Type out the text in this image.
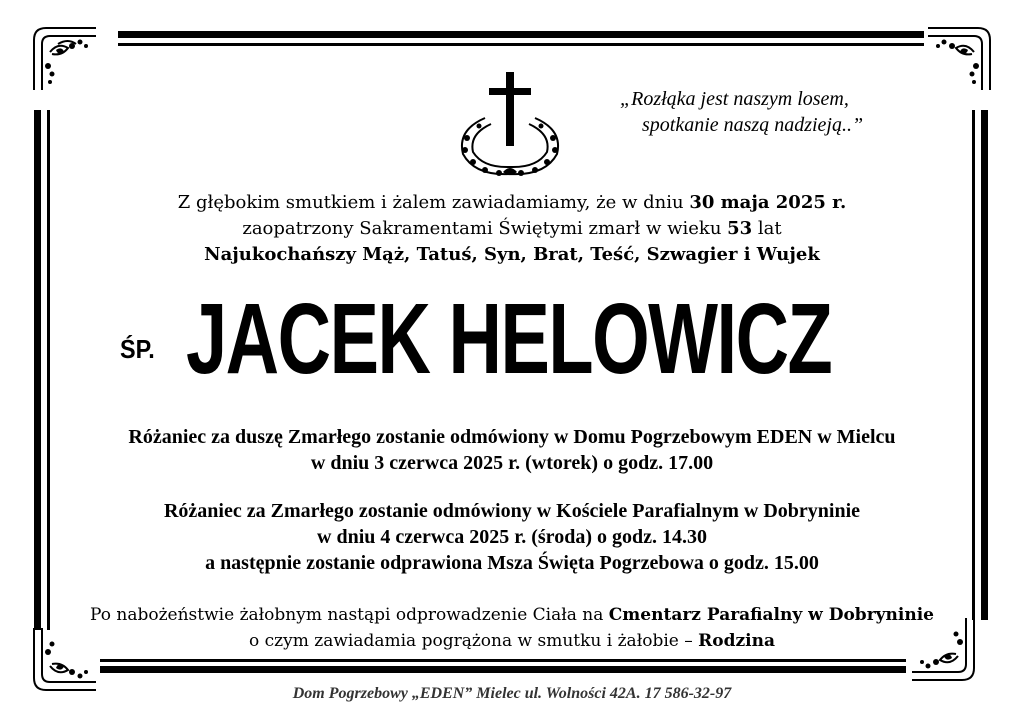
„Rozłąka jest naszym losem,
spotkanie naszą nadzieją..”
Z głębokim smutkiem i żalem zawiadamiamy, że w dniu 30 maja 2025 r.
zaopatrzony Sakramentami Świętymi zmarł w wieku 53 lat
Najukochańszy Mąż, Tatuś, Syn, Brat, Teść, Szwagier i Wujek
ŚP. JACEK HELOWICZ
Różaniec za duszę Zmarłego zostanie odmówiony w Domu Pogrzebowym EDEN w Mielcu
w dniu 3 czerwca 2025 r. (wtorek) o godz. 17.00
Różaniec za Zmarłego zostanie odmówiony w Kościele Parafialnym w Dobryninie
w dniu 4 czerwca 2025 r. (środa) o godz. 14.30
a następnie zostanie odprawiona Msza Święta Pogrzebowa o godz. 15.00
Po nabożeństwie żałobnym nastąpi odprowadzenie Ciała na Cmentarz Parafialny w Dobryninie
o czym zawiadamia pogrążona w smutku i żałobie – Rodzina
Dom Pogrzebowy „EDEN” Mielec ul. Wolności 42A. 17 586-32-97
